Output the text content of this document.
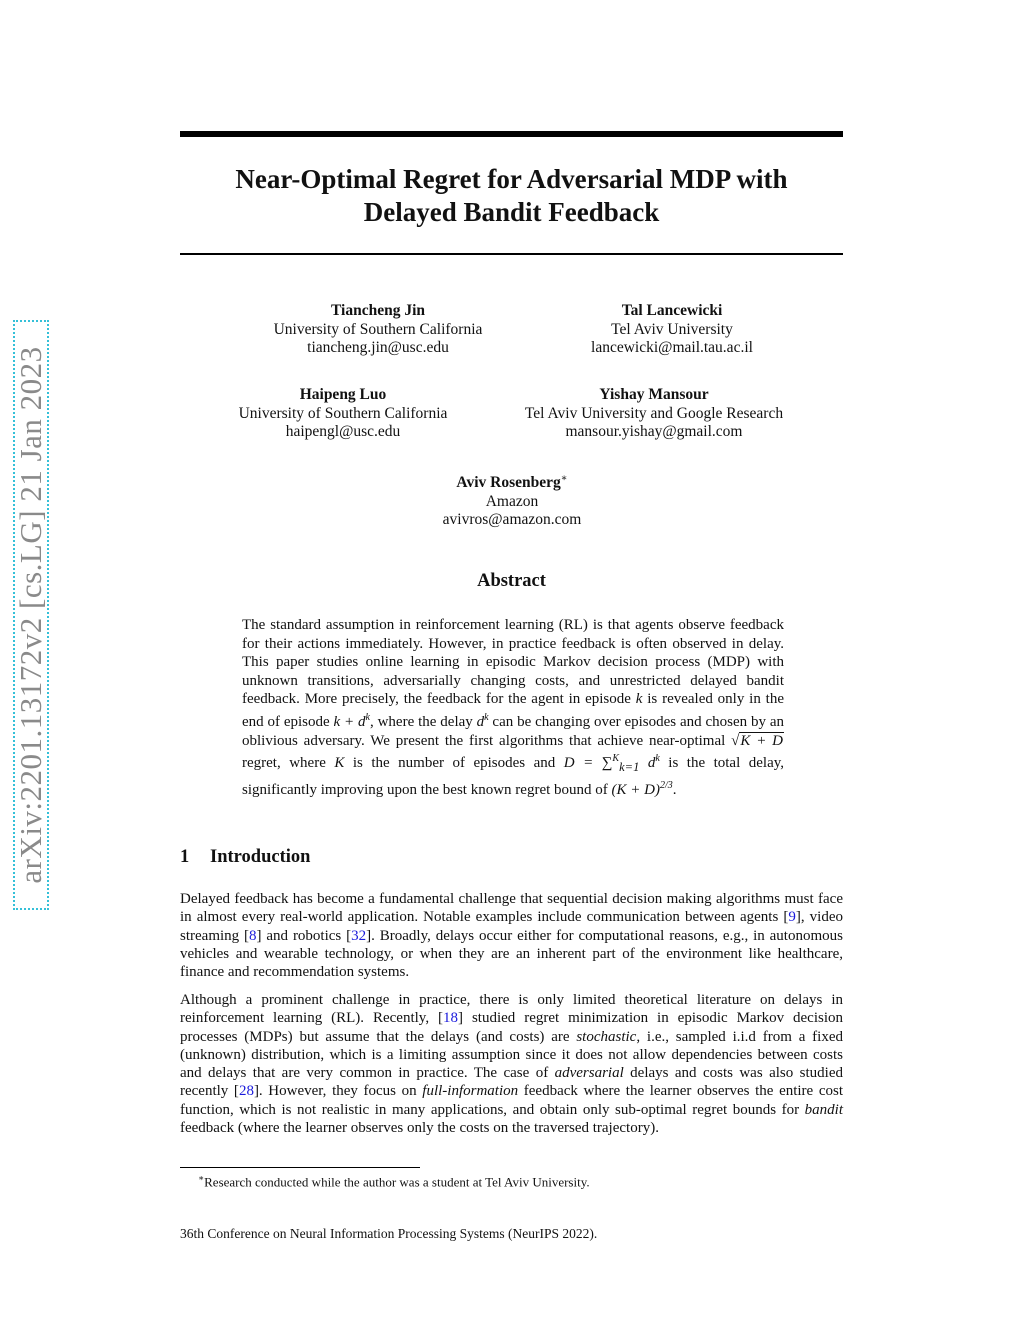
arXiv:2201.13172v2 [cs.LG] 21 Jan 2023
Near-Optimal Regret for Adversarial MDP with
Delayed Bandit Feedback
Tiancheng Jin
University of Southern California
tiancheng.jin@usc.edu
Tal Lancewicki
Tel Aviv University
lancewicki@mail.tau.ac.il
Haipeng Luo
University of Southern California
haipengl@usc.edu
Yishay Mansour
Tel Aviv University and Google Research
mansour.yishay@gmail.com
Aviv Rosenberg∗
Amazon
avivros@amazon.com
Abstract
The standard assumption in reinforcement learning (RL) is that agents observe feedback for their actions immediately. However, in practice feedback is often observed in delay. This paper studies online learning in episodic Markov decision process (MDP) with unknown transitions, adversarially changing costs, and unrestricted delayed bandit feedback. More precisely, the feedback for the agent in episode k is revealed only in the end of episode $k + d^k$, where the delay $d^k$ can be changing over episodes and chosen by an oblivious adversary. We present the first algorithms that achieve near-optimal √K + D regret, where K is the number of episodes and D = ∑$^K_{k=1}$ $d^k$ is the total delay, significantly improving upon the best known regret bound of $(K + D)^{2/3}$.
1 Introduction

Delayed feedback has become a fundamental challenge that sequential decision making algorithms must face in almost every real-world application. Notable examples include communication between agents [9], video streaming [8] and robotics [32]. Broadly, delays occur either for computational reasons, e.g., in autonomous vehicles and wearable technology, or when they are an inherent part of the environment like healthcare, finance and recommendation systems.

Although a prominent challenge in practice, there is only limited theoretical literature on delays in reinforcement learning (RL). Recently, [18] studied regret minimization in episodic Markov decision processes (MDPs) but assume that the delays (and costs) are stochastic, i.e., sampled i.i.d from a fixed (unknown) distribution, which is a limiting assumption since it does not allow dependencies between costs and delays that are very common in practice. The case of adversarial delays and costs was also studied recently [28]. However, they focus on full-information feedback where the learner observes the entire cost function, which is not realistic in many applications, and obtain only sub-optimal regret bounds for bandit feedback (where the learner observes only the costs on the traversed trajectory).

∗Research conducted while the author was a student at Tel Aviv University.
36th Conference on Neural Information Processing Systems (NeurIPS 2022).
